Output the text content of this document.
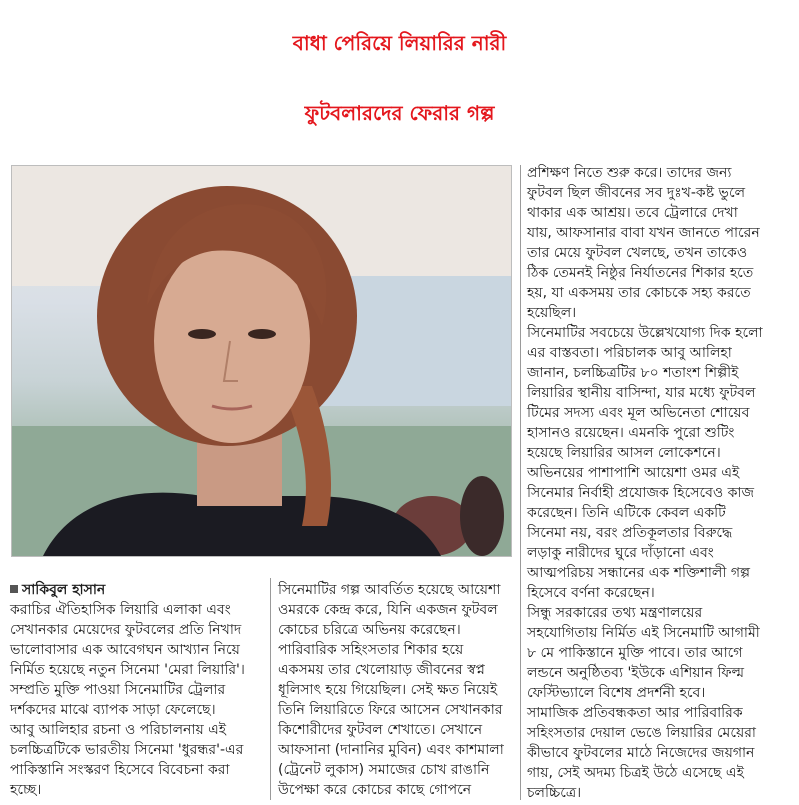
বাধা পেরিয়ে লিয়ারির নারী
ফুটবলারদের ফেরার গল্প

প্রশিক্ষণ নিতে শুরু করে। তাদের জন্য

ফুটবল ছিল জীবনের সব দুঃখ-কষ্ট ভুলে

থাকার এক আশ্রয়। তবে ট্রেলারে দেখা

যায়, আফসানার বাবা যখন জানতে পারেন

তার মেয়ে ফুটবল খেলছে, তখন তাকেও

ঠিক তেমনই নিষ্ঠুর নির্যাতনের শিকার হতে

হয়, যা একসময় তার কোচকে সহ্য করতে

হয়েছিল।

সিনেমাটির সবচেয়ে উল্লেখযোগ্য দিক হলো

এর বাস্তবতা। পরিচালক আবু আলিহা

জানান, চলচ্চিত্রটির ৮০ শতাংশ শিল্পীই

লিয়ারির স্থানীয় বাসিন্দা, যার মধ্যে ফুটবল

টিমের সদস্য এবং মূল অভিনেতা শোয়েব

হাসানও রয়েছেন। এমনকি পুরো শুটিং

হয়েছে লিয়ারির আসল লোকেশনে।

অভিনয়ের পাশাপাশি আয়েশা ওমর এই

সিনেমার নির্বাহী প্রযোজক হিসেবেও কাজ

করেছেন। তিনি এটিকে কেবল একটি

সিনেমা নয়, বরং প্রতিকূলতার বিরুদ্ধে

লড়াকু নারীদের ঘুরে দাঁড়ানো এবং

আত্মপরিচয় সন্ধানের এক শক্তিশালী গল্প

হিসেবে বর্ণনা করেছেন।

সিন্ধু সরকারের তথ্য মন্ত্রণালয়ের

সহযোগিতায় নির্মিত এই সিনেমাটি আগামী

৮ মে পাকিস্তানে মুক্তি পাবে। তার আগে

লন্ডনে অনুষ্ঠিতব্য 'ইউকে এশিয়ান ফিল্ম

ফেস্টিভ্যালে বিশেষ প্রদর্শনী হবে।

সামাজিক প্রতিবন্ধকতা আর পারিবারিক

সহিংসতার দেয়াল ভেঙে লিয়ারির মেয়েরা

কীভাবে ফুটবলের মাঠে নিজেদের জয়গান

গায়, সেই অদম্য চিত্রই উঠে এসেছে এই

চলচ্চিত্রে।

সাকিবুল হাসান

করাচির ঐতিহাসিক লিয়ারি এলাকা এবং

সেখানকার মেয়েদের ফুটবলের প্রতি নিখাদ

ভালোবাসার এক আবেগঘন আখ্যান নিয়ে

নির্মিত হয়েছে নতুন সিনেমা 'মেরা লিয়ারি'।

সম্প্রতি মুক্তি পাওয়া সিনেমাটির ট্রেলার

দর্শকদের মাঝে ব্যাপক সাড়া ফেলেছে।

আবু আলিহার রচনা ও পরিচালনায় এই

চলচ্চিত্রটিকে ভারতীয় সিনেমা 'ধুরন্ধর'-এর

পাকিস্তানি সংস্করণ হিসেবে বিবেচনা করা

হচ্ছে।

সিনেমাটির গল্প আবর্তিত হয়েছে আয়েশা

ওমরকে কেন্দ্র করে, যিনি একজন ফুটবল

কোচের চরিত্রে অভিনয় করেছেন।

পারিবারিক সহিংসতার শিকার হয়ে

একসময় তার খেলোয়াড় জীবনের স্বপ্ন

ধূলিসাৎ হয়ে গিয়েছিল। সেই ক্ষত নিয়েই

তিনি লিয়ারিতে ফিরে আসেন সেখানকার

কিশোরীদের ফুটবল শেখাতে। সেখানে

আফসানা (দানানির মুবিন) এবং কাশমালা

(ট্রেনেট লুকাস) সমাজের চোখ রাঙানি

উপেক্ষা করে কোচের কাছে গোপনে
